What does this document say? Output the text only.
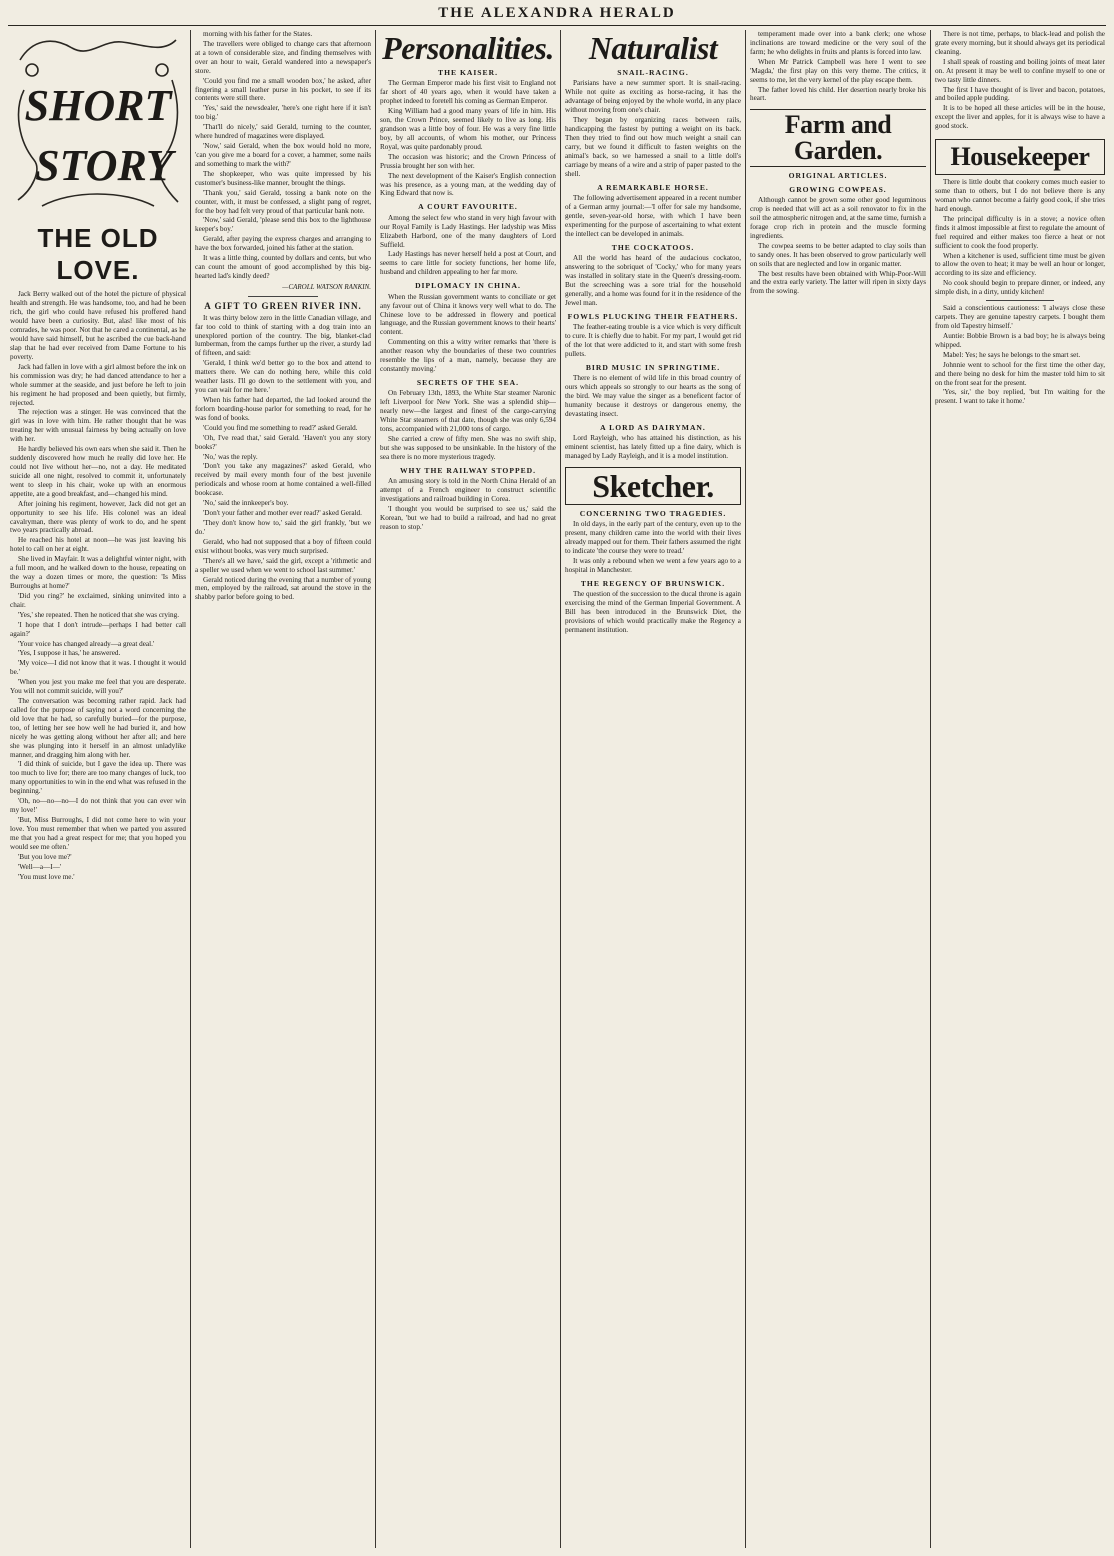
THE ALEXANDRA HERALD
SHORT
STORY
THE OLD LOVE.

Jack Berry walked out of the hotel the picture of physical health and strength. He was handsome, too, and had he been rich, the girl who could have refused his proffered hand would have been a curiosity. But, alas! like most of his comrades, he was poor. Not that he cared a continental, as he would have said himself, but he ascribed the cue back-hand slap that he had ever received from Dame Fortune to his poverty.

Jack had fallen in love with a girl almost before the ink on his commission was dry; he had danced attendance to her a whole summer at the seaside, and just before he left to join his regiment he had proposed and been quietly, but firmly, rejected.

The rejection was a stinger. He was convinced that the girl was in love with him. He rather thought that he was treating her with unusual fairness by being actually on love with her.

He hardly believed his own ears when she said it. Then he suddenly discovered how much he really did love her. He could not live without her—no, not a day. He meditated suicide all one night, resolved to commit it, unfortunately went to sleep in his chair, woke up with an enormous appetite, ate a good breakfast, and—changed his mind.

After joining his regiment, however, Jack did not get an opportunity to see his life. His colonel was an ideal cavalryman, there was plenty of work to do, and he spent two years practically abroad.

He reached his hotel at noon—he was just leaving his hotel to call on her at eight.

She lived in Mayfair. It was a delightful winter night, with a full moon, and he walked down to the house, repeating on the way a dozen times or more, the question: 'Is Miss Burroughs at home?'

'Did you ring?' he exclaimed, sinking uninvited into a chair.

'Yes,' she repeated. Then he noticed that she was crying.

'I hope that I don't intrude—perhaps I had better call again?'

'Your voice has changed already—a great deal.'

'Yes, I suppose it has,' he answered.

'My voice—I did not know that it was. I thought it would be.'

'When you jest you make me feel that you are desperate. You will not commit suicide, will you?'

The conversation was becoming rather rapid. Jack had called for the purpose of saying not a word concerning the old love that he had, so carefully buried—for the purpose, too, of letting her see how well he had buried it, and how nicely he was getting along without her after all; and here she was plunging into it herself in an almost unladylike manner, and dragging him along with her.

'I did think of suicide, but I gave the idea up. There was too much to live for; there are too many changes of luck, too many opportunities to win in the end what was refused in the beginning.'

'Oh, no—no—no—I do not think that you can ever win my love!'

'But, Miss Burroughs, I did not come here to win your love. You must remember that when we parted you assured me that you had a great respect for me; that you hoped you would see me often.'

'But you love me?'

'Well—a—I—'

'You must love me.'

morning with his father for the States.

The travellers were obliged to change cars that afternoon at a town of considerable size, and finding themselves with over an hour to wait, Gerald wandered into a newspaper's store.

'Could you find me a small wooden box,' he asked, after fingering a small leather purse in his pocket, to see if its contents were still there.

'Yes,' said the newsdealer, 'here's one right here if it isn't too big.'

'That'll do nicely,' said Gerald, turning to the counter, where hundred of magazines were displayed.

'Now,' said Gerald, when the box would hold no more, 'can you give me a board for a cover, a hammer, some nails and something to mark the with?'

The shopkeeper, who was quite impressed by his customer's business-like manner, brought the things.

'Thank you,' said Gerald, tossing a bank note on the counter, with, it must be confessed, a slight pang of regret, for the boy had felt very proud of that particular bank note.

'Now,' said Gerald, 'please send this box to the lighthouse keeper's boy.'

Gerald, after paying the express charges and arranging to have the box forwarded, joined his father at the station.

It was a little thing, counted by dollars and cents, but who can count the amount of good accomplished by this big-hearted lad's kindly deed?

—CAROLL WATSON RANKIN.
A GIFT TO GREEN RIVER INN.

It was thirty below zero in the little Canadian village, and far too cold to think of starting with a dog train into an unexplored portion of the country. The big, blanket-clad lumberman, from the camps further up the river, a sturdy lad of fifteen, and said:

'Gerald, I think we'd better go to the box and attend to matters there. We can do nothing here, while this cold weather lasts. I'll go down to the settlement with you, and you can wait for me here.'

When his father had departed, the lad looked around the forlorn boarding-house parlor for something to read, for he was fond of books.

'Could you find me something to read?' asked Gerald.

'Oh, I've read that,' said Gerald. 'Haven't you any story books?'

'No,' was the reply.

'Don't you take any magazines?' asked Gerald, who received by mail every month four of the best juvenile periodicals and whose room at home contained a well-filled bookcase.

'No,' said the innkeeper's boy.

'Don't your father and mother ever read?' asked Gerald.

'They don't know how to,' said the girl frankly, 'but we do.'

Gerald, who had not supposed that a boy of fifteen could exist without books, was very much surprised.

'There's all we have,' said the girl, except a 'rithmetic and a speller we used when we went to school last summer.'

Gerald noticed during the evening that a number of young men, employed by the railroad, sat around the stove in the shabby parlor before going to bed.

Personalities.
THE KAISER.

The German Emperor made his first visit to England not far short of 40 years ago, when it would have taken a prophet indeed to foretell his coming as German Emperor.

King William had a good many years of life in him. His son, the Crown Prince, seemed likely to live as long. His grandson was a little boy of four. He was a very fine little boy, by all accounts, of whom his mother, our Princess Royal, was quite pardonably proud.

The occasion was historic; and the Crown Princess of Prussia brought her son with her.

The next development of the Kaiser's English connection was his presence, as a young man, at the wedding day of King Edward that now is.

A COURT FAVOURITE.

Among the select few who stand in very high favour with our Royal Family is Lady Hastings. Her ladyship was Miss Elizabeth Harbord, one of the many daughters of Lord Suffield.

Lady Hastings has never herself held a post at Court, and seems to care little for society functions, her home life, husband and children appealing to her far more.

DIPLOMACY IN CHINA.

When the Russian government wants to conciliate or get any favour out of China it knows very well what to do. The Chinese love to be addressed in flowery and poetical language, and the Russian government knows to their hearts' content.

Commenting on this a witty writer remarks that 'there is another reason why the boundaries of these two countries resemble the lips of a man, namely, because they are constantly moving.'

SECRETS OF THE SEA.

On February 13th, 1893, the White Star steamer Naronic left Liverpool for New York. She was a splendid ship—nearly new—the largest and finest of the cargo-carrying White Star steamers of that date, though she was only 6,594 tons, accompanied with 21,000 tons of cargo.

She carried a crew of fifty men. She was no swift ship, but she was supposed to be unsinkable. In the history of the sea there is no more mysterious tragedy.

WHY THE RAILWAY STOPPED.

An amusing story is told in the North China Herald of an attempt of a French engineer to construct scientific investigations and railroad building in Corea.

'I thought you would be surprised to see us,' said the Korean, 'but we had to build a railroad, and had no great reason to stop.'

Naturalist
SNAIL-RACING.

Parisians have a new summer sport. It is snail-racing. While not quite as exciting as horse-racing, it has the advantage of being enjoyed by the whole world, in any place without moving from one's chair.

They began by organizing races between rails, handicapping the fastest by putting a weight on its back. Then they tried to find out how much weight a snail can carry, but we found it difficult to fasten weights on the animal's back, so we harnessed a snail to a little doll's carriage by means of a wire and a strip of paper pasted to the shell.

A REMARKABLE HORSE.

The following advertisement appeared in a recent number of a German army journal:—'I offer for sale my handsome, gentle, seven-year-old horse, with which I have been experimenting for the purpose of ascertaining to what extent the intellect can be developed in animals.

THE COCKATOOS.

All the world has heard of the audacious cockatoo, answering to the sobriquet of 'Cocky,' who for many years was installed in solitary state in the Queen's dressing-room. But the screeching was a sore trial for the household generally, and a home was found for it in the residence of the Jewel man.

FOWLS PLUCKING THEIR FEATHERS.

The feather-eating trouble is a vice which is very difficult to cure. It is chiefly due to habit. For my part, I would get rid of the lot that were addicted to it, and start with some fresh pullets.

BIRD MUSIC IN SPRINGTIME.

There is no element of wild life in this broad country of ours which appeals so strongly to our hearts as the song of the bird. We may value the singer as a beneficent factor of humanity because it destroys or dangerous enemy, the devastating insect.

A LORD AS DAIRYMAN.

Lord Rayleigh, who has attained his distinction, as his eminent scientist, has lately fitted up a fine dairy, which is managed by Lady Rayleigh, and it is a model institution.

Sketcher.
CONCERNING TWO TRAGEDIES.

In old days, in the early part of the century, even up to the present, many children came into the world with their lives already mapped out for them. Their fathers assumed the right to indicate 'the course they were to tread.'

It was only a rebound when we went a few years ago to a hospital in Manchester.

THE REGENCY OF BRUNSWICK.

The question of the succession to the ducal throne is again exercising the mind of the German Imperial Government. A Bill has been introduced in the Brunswick Diet, the provisions of which would practically make the Regency a permanent institution.

temperament made over into a bank clerk; one whose inclinations are toward medicine or the very soul of the farm; he who delights in fruits and plants is forced into law.

When Mr Patrick Campbell was here I went to see 'Magda,' the first play on this very theme. The critics, it seems to me, let the very kernel of the play escape them.

The father loved his child. Her desertion nearly broke his heart.

Farm and Garden.
ORIGINAL ARTICLES.
GROWING COWPEAS.

Although cannot be grown some other good leguminous crop is needed that will act as a soil renovator to fix in the soil the atmospheric nitrogen and, at the same time, furnish a forage crop rich in protein and the muscle forming ingredients.

The cowpea seems to be better adapted to clay soils than to sandy ones. It has been observed to grow particularly well on soils that are neglected and low in organic matter.

The best results have been obtained with Whip-Poor-Will and the extra early variety. The latter will ripen in sixty days from the sowing.

There is not time, perhaps, to black-lead and polish the grate every morning, but it should always get its periodical cleaning.

I shall speak of roasting and boiling joints of meat later on. At present it may be well to confine myself to one or two tasty little dinners.

The first I have thought of is liver and bacon, potatoes, and boiled apple pudding.

It is to be hoped all these articles will be in the house, except the liver and apples, for it is always wise to have a good stock.

Housekeeper

There is little doubt that cookery comes much easier to some than to others, but I do not believe there is any woman who cannot become a fairly good cook, if she tries hard enough.

The principal difficulty is in a stove; a novice often finds it almost impossible at first to regulate the amount of fuel required and either makes too fierce a heat or not sufficient to cook the food properly.

When a kitchener is used, sufficient time must be given to allow the oven to heat; it may be well an hour or longer, according to its size and efficiency.

No cook should begin to prepare dinner, or indeed, any simple dish, in a dirty, untidy kitchen!

Said a conscientious cautioness: 'I always close these carpets. They are genuine tapestry carpets. I bought them from old Tapestry himself.'

Auntie: Bobbie Brown is a bad boy; he is always being whipped.

Mabel: Yes; he says he belongs to the smart set.

Johnnie went to school for the first time the other day, and there being no desk for him the master told him to sit on the front seat for the present.

'Yes, sir,' the boy replied, 'but I'm waiting for the present. I want to take it home.'
